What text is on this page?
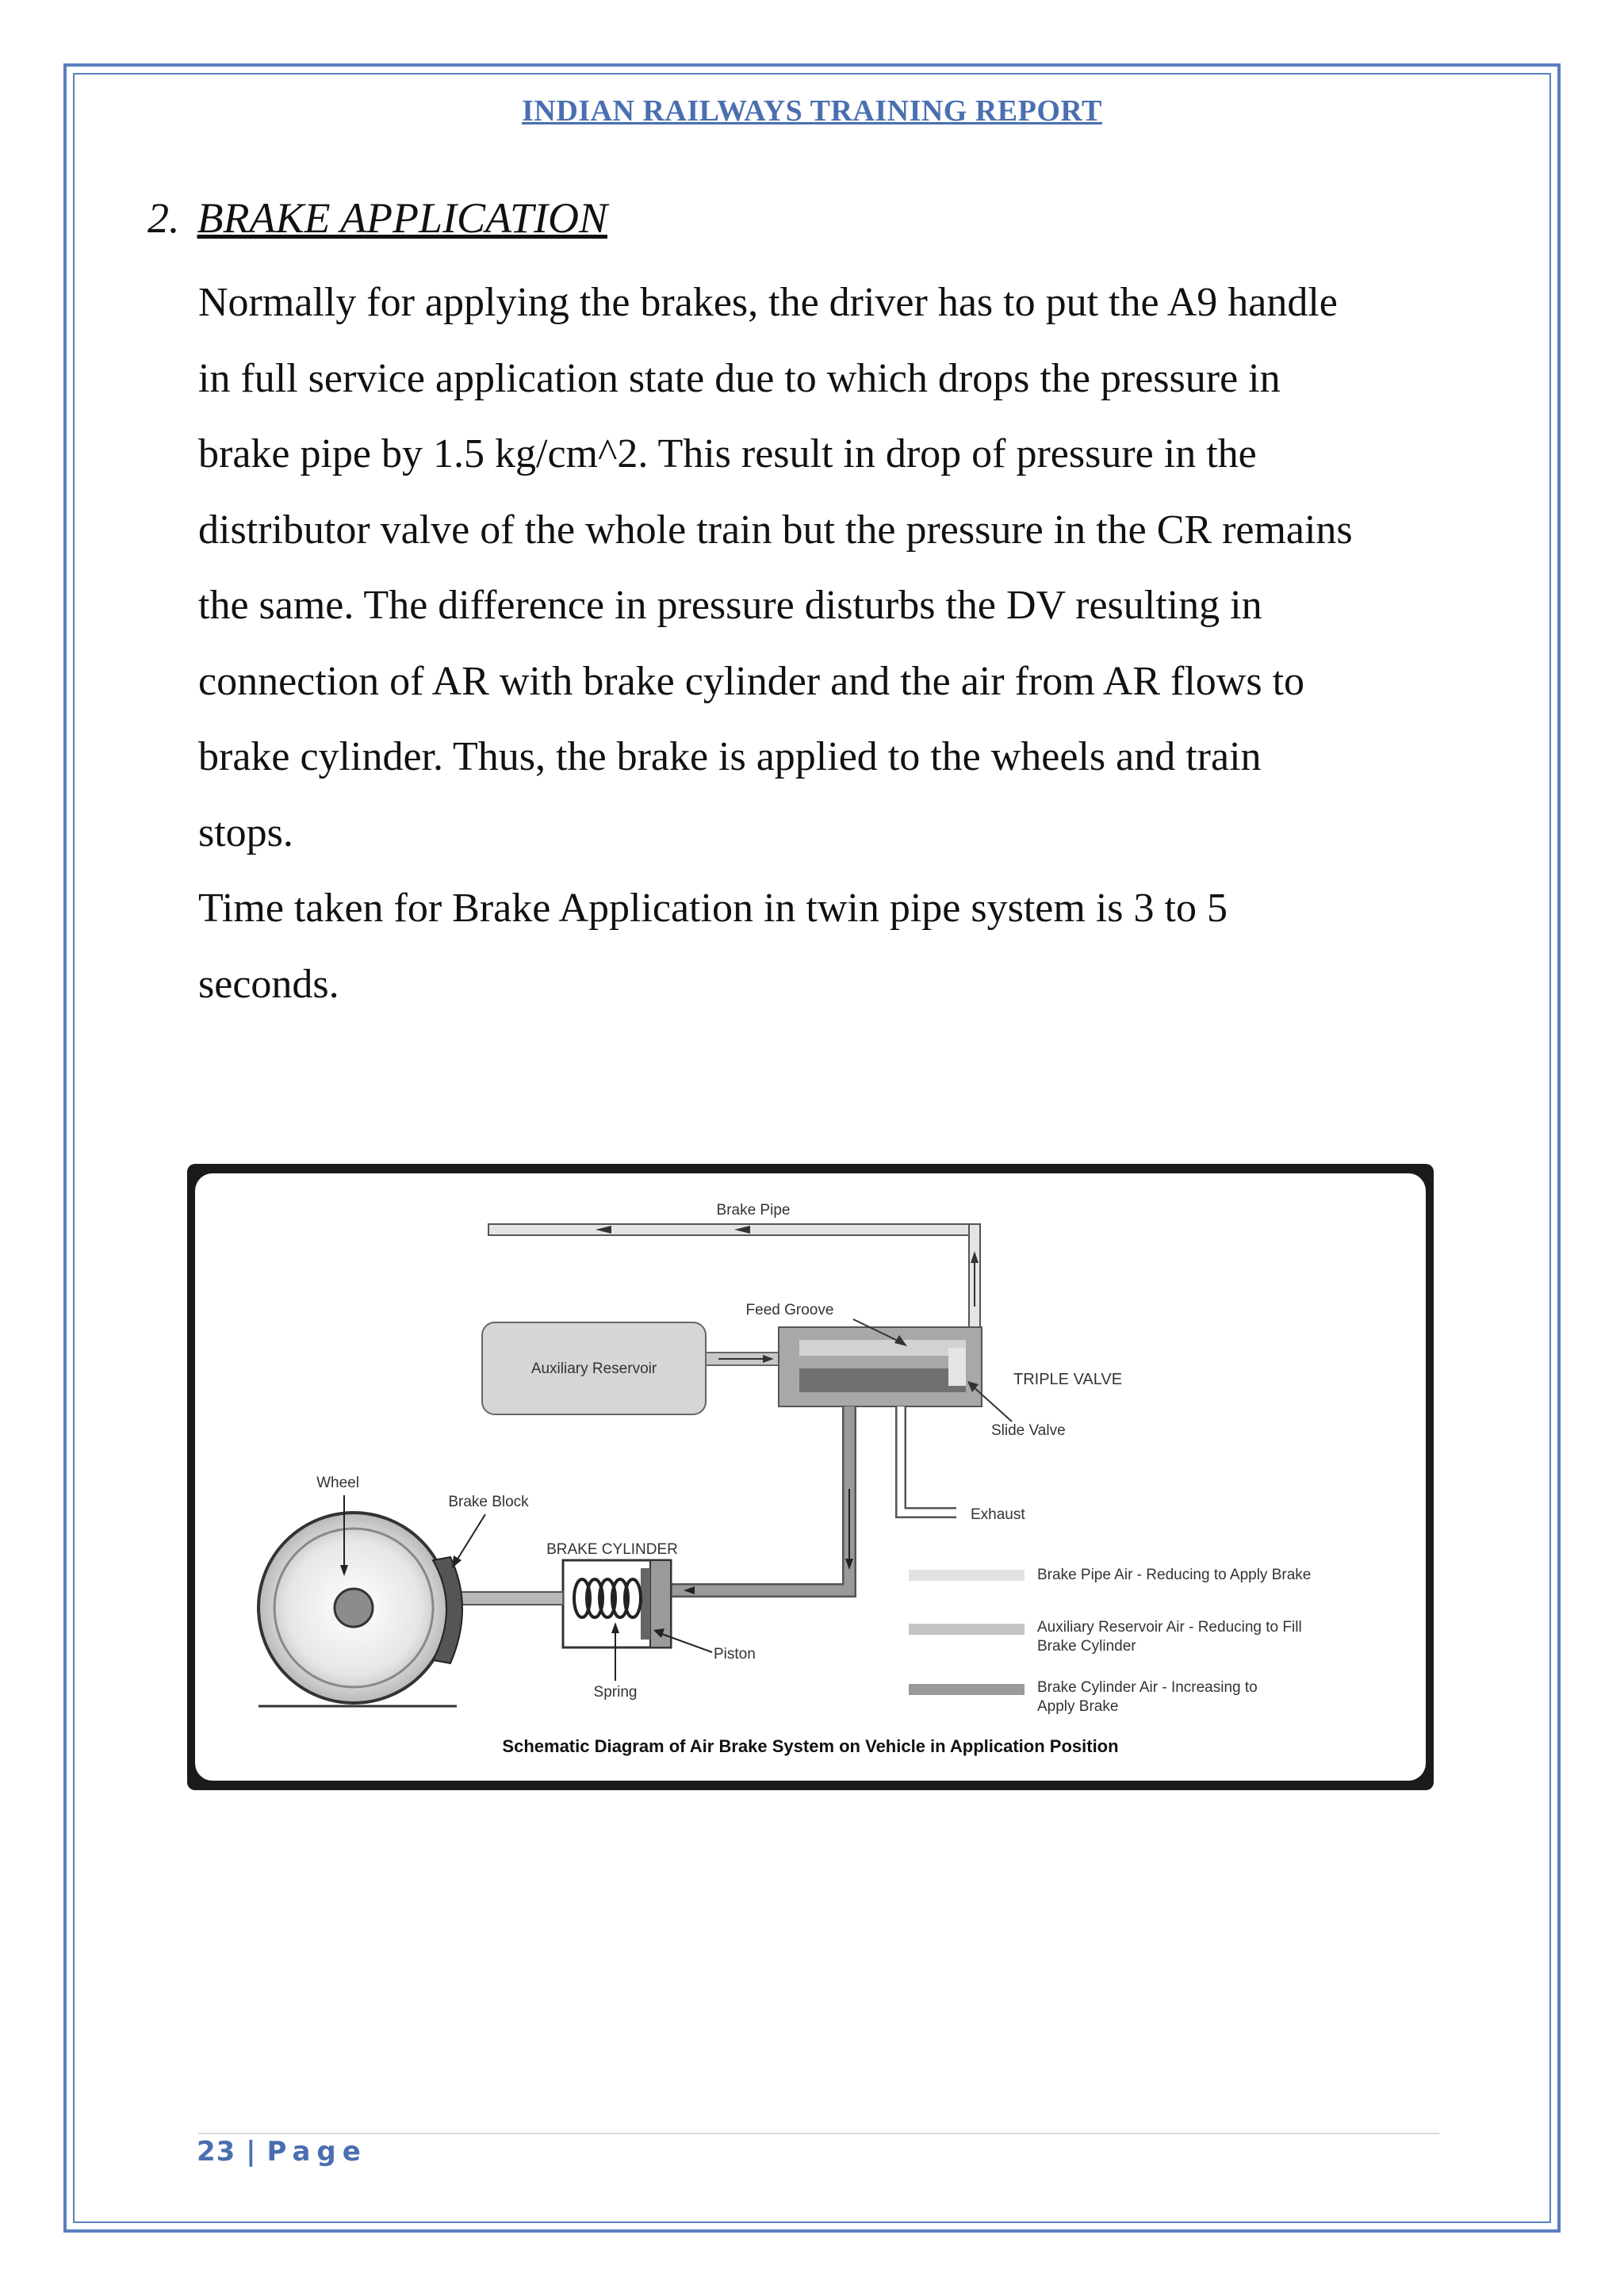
INDIAN RAILWAYS TRAINING REPORT
2. BRAKE APPLICATION

Normally for applying the brakes, the driver has to put the A9 handle

in full service application state due to which drops the pressure in

brake pipe by 1.5 kg/cm^2. This result in drop of pressure in the

distributor valve of the whole train but the pressure in the CR remains

the same. The difference in pressure disturbs the DV resulting in

connection of AR with brake cylinder and the air from AR flows to

brake cylinder. Thus, the brake is applied to the wheels and train

stops.

Time taken for Brake Application in twin pipe system is 3 to 5

seconds.

Auxiliary Reservoir
TRIPLE VALVE
Feed Groove
Slide Valve
Exhaust
BRAKE CYLINDER
Piston
Spring
Wheel
Brake Block
Brake Pipe Air - Reducing to Apply Brake
Auxiliary Reservoir Air - Reducing to Fill
Brake Cylinder
Brake Cylinder Air - Increasing to
Apply Brake
Brake Pipe
Schematic Diagram of Air Brake System on Vehicle in Application Position
23 | Page
